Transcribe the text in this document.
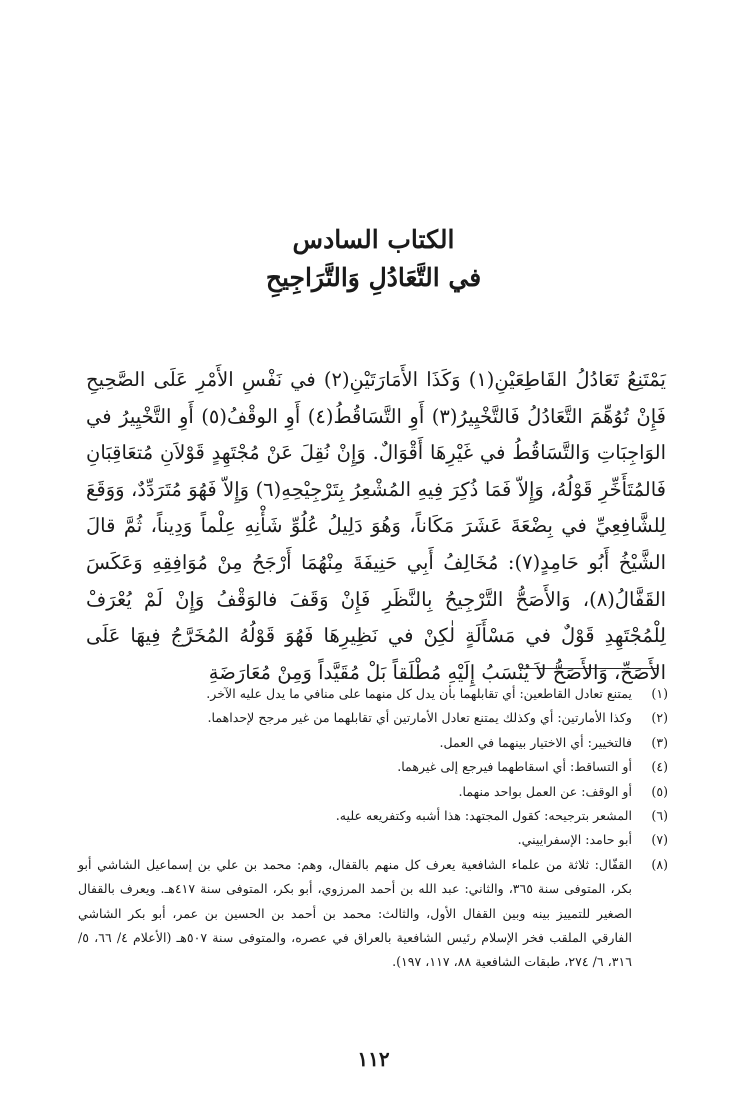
الكتاب السادس
في التَّعَادُلِ وَالتَّرَاجِيحِ

يَمْتَنِعُ تَعَادُلُ القَاطِعَيْنِ(١) وَكَذَا الأَمَارَتَيْنِ(٢) في نَفْسِ الأَمْرِ عَلَى الصَّحِيحِ فَإِنْ تُوُهِّمَ التَّعَادُلُ فَالتَّخْيِيرُ(٣) أَوِ التَّسَاقُطُ(٤) أَوِ الوقْفُ(٥) أَوِ التَّخْيِيرُ في الوَاجِبَاتِ وَالتَّسَاقُطُ في غَيْرِهَا أَقْوَالٌ. وَإِنْ نُقِلَ عَنْ مُجْتَهِدٍ قَوْلاَنِ مُتعَاقِبَانِ فَالمُتَأَخِّرِ قَوْلُهُ، وَإِلاّ فَمَا ذُكِرَ فِيهِ المُشْعِرُ بِتَرْجِيْحِهِ(٦) وَإِلاّ فَهُوَ مُتَرَدِّدٌ، وَوَقَعَ لِلشَّافِعِيِّ في بِضْعَةَ عَشَرَ مَكَاناً، وَهُوَ دَلِيلُ عُلُوِّ شَأْنِهِ عِلْماً وَدِيناً، ثُمَّ قالَ الشَّيْخُ أَبُو حَامِدٍ(٧): مُخَالِفُ أَبِي حَنِيفَةَ مِنْهُمَا أَرْجَحُ مِنْ مُوَافِقِهِ وَعَكَسَ القَفَّالُ(٨)، وَالأَصَحُّ التَّرْجِيحُ بِالنَّظَرِ فَإِنْ وَقَفَ فالوَقْفُ وَإِنْ لَمْ يُعْرَفْ لِلْمُجْتَهِدِ قَوْلٌ في مَسْأَلَةٍ لٰكِنْ في نَظِيرِهَا فَهُوَ قَوْلُهُ المُخَرَّجُ فِيهَا عَلَى الأَصَحِّ، وَالأَصَحُّ لاَ يُنْسَبُ إِلَيْهِ مُطْلَقاً بَلْ مُقَيَّداً وَمِنْ مُعَارَضَةِ

(١)
يمتنع تعادل القاطعين: أي تقابلهما بأن يدل كل منهما على منافي ما يدل عليه الآخر.
(٢)
وكذا الأمارتين: أي وكذلك يمتنع تعادل الأمارتين أي تقابلهما من غير مرجح لإحداهما.
(٣)
فالتخيير: أي الاختيار بينهما في العمل.
(٤)
أو التساقط: أي اسقاطهما فيرجع إلى غيرهما.
(٥)
أو الوقف: عن العمل بواحد منهما.
(٦)
المشعر بترجيحه: كقول المجتهد: هذا أشبه وكتفريعه عليه.
(٧)
أبو حامد: الإسفراييني.
(٨)
القفّال: ثلاثة من علماء الشافعية يعرف كل منهم بالقفال، وهم: محمد بن علي بن إسماعيل الشاشي أبو بكر، المتوفى سنة ٣٦٥، والثاني: عبد الله بن أحمد المرزوي، أبو بكر، المتوفى سنة ٤١٧هـ. ويعرف بالقفال الصغير للتمييز بينه وبين القفال الأول، والثالث: محمد بن أحمد بن الحسين بن عمر، أبو بكر الشاشي الفارقي الملقب فخر الإسلام رئيس الشافعية بالعراق في عصره، والمتوفى سنة ٥٠٧هـ (الأعلام ٤/ ٦٦، ٥/ ٣١٦، ٦/ ٢٧٤، طبقات الشافعية ٨٨، ١١٧، ١٩٧).
١١٢
